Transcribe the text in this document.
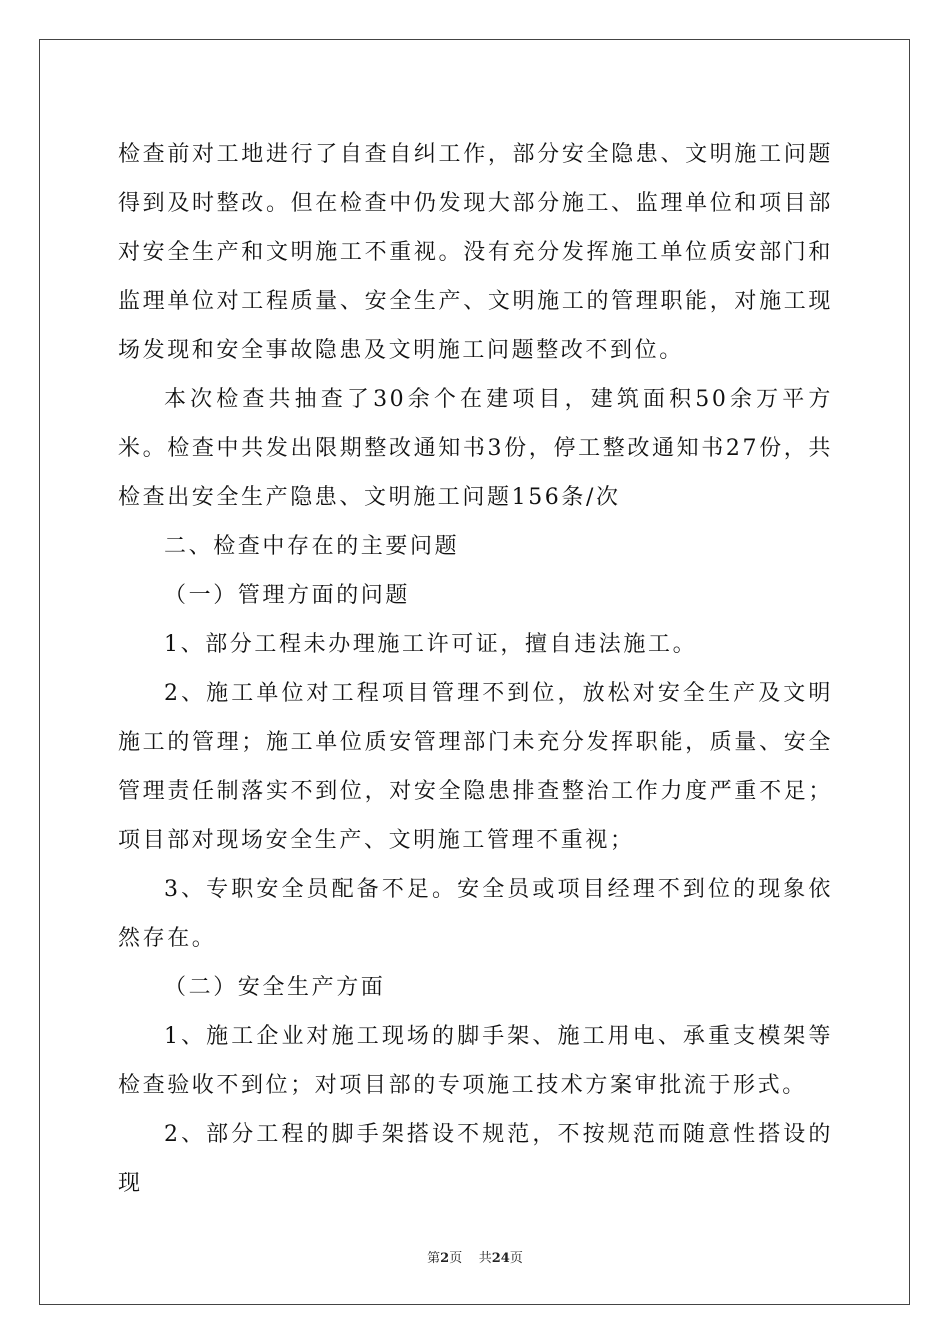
检查前对工地进行了自查自纠工作，部分安全隐患、文明施工问题得到及时整改。但在检查中仍发现大部分施工、监理单位和项目部对安全生产和文明施工不重视。没有充分发挥施工单位质安部门和监理单位对工程质量、安全生产、文明施工的管理职能，对施工现场发现和安全事故隐患及文明施工问题整改不到位。

本次检查共抽查了30余个在建项目，建筑面积50余万平方米。检查中共发出限期整改通知书3份，停工整改通知书27份，共检查出安全生产隐患、文明施工问题156条/次

二、检查中存在的主要问题

（一）管理方面的问题

1、部分工程未办理施工许可证，擅自违法施工。

2、施工单位对工程项目管理不到位，放松对安全生产及文明施工的管理；施工单位质安管理部门未充分发挥职能，质量、安全管理责任制落实不到位，对安全隐患排查整治工作力度严重不足；项目部对现场安全生产、文明施工管理不重视；

3、专职安全员配备不足。安全员或项目经理不到位的现象依然存在。

（二）安全生产方面

1、施工企业对施工现场的脚手架、施工用电、承重支模架等检查验收不到位；对项目部的专项施工技术方案审批流于形式。

2、部分工程的脚手架搭设不规范，不按规范而随意性搭设的现

第2页 共24页
